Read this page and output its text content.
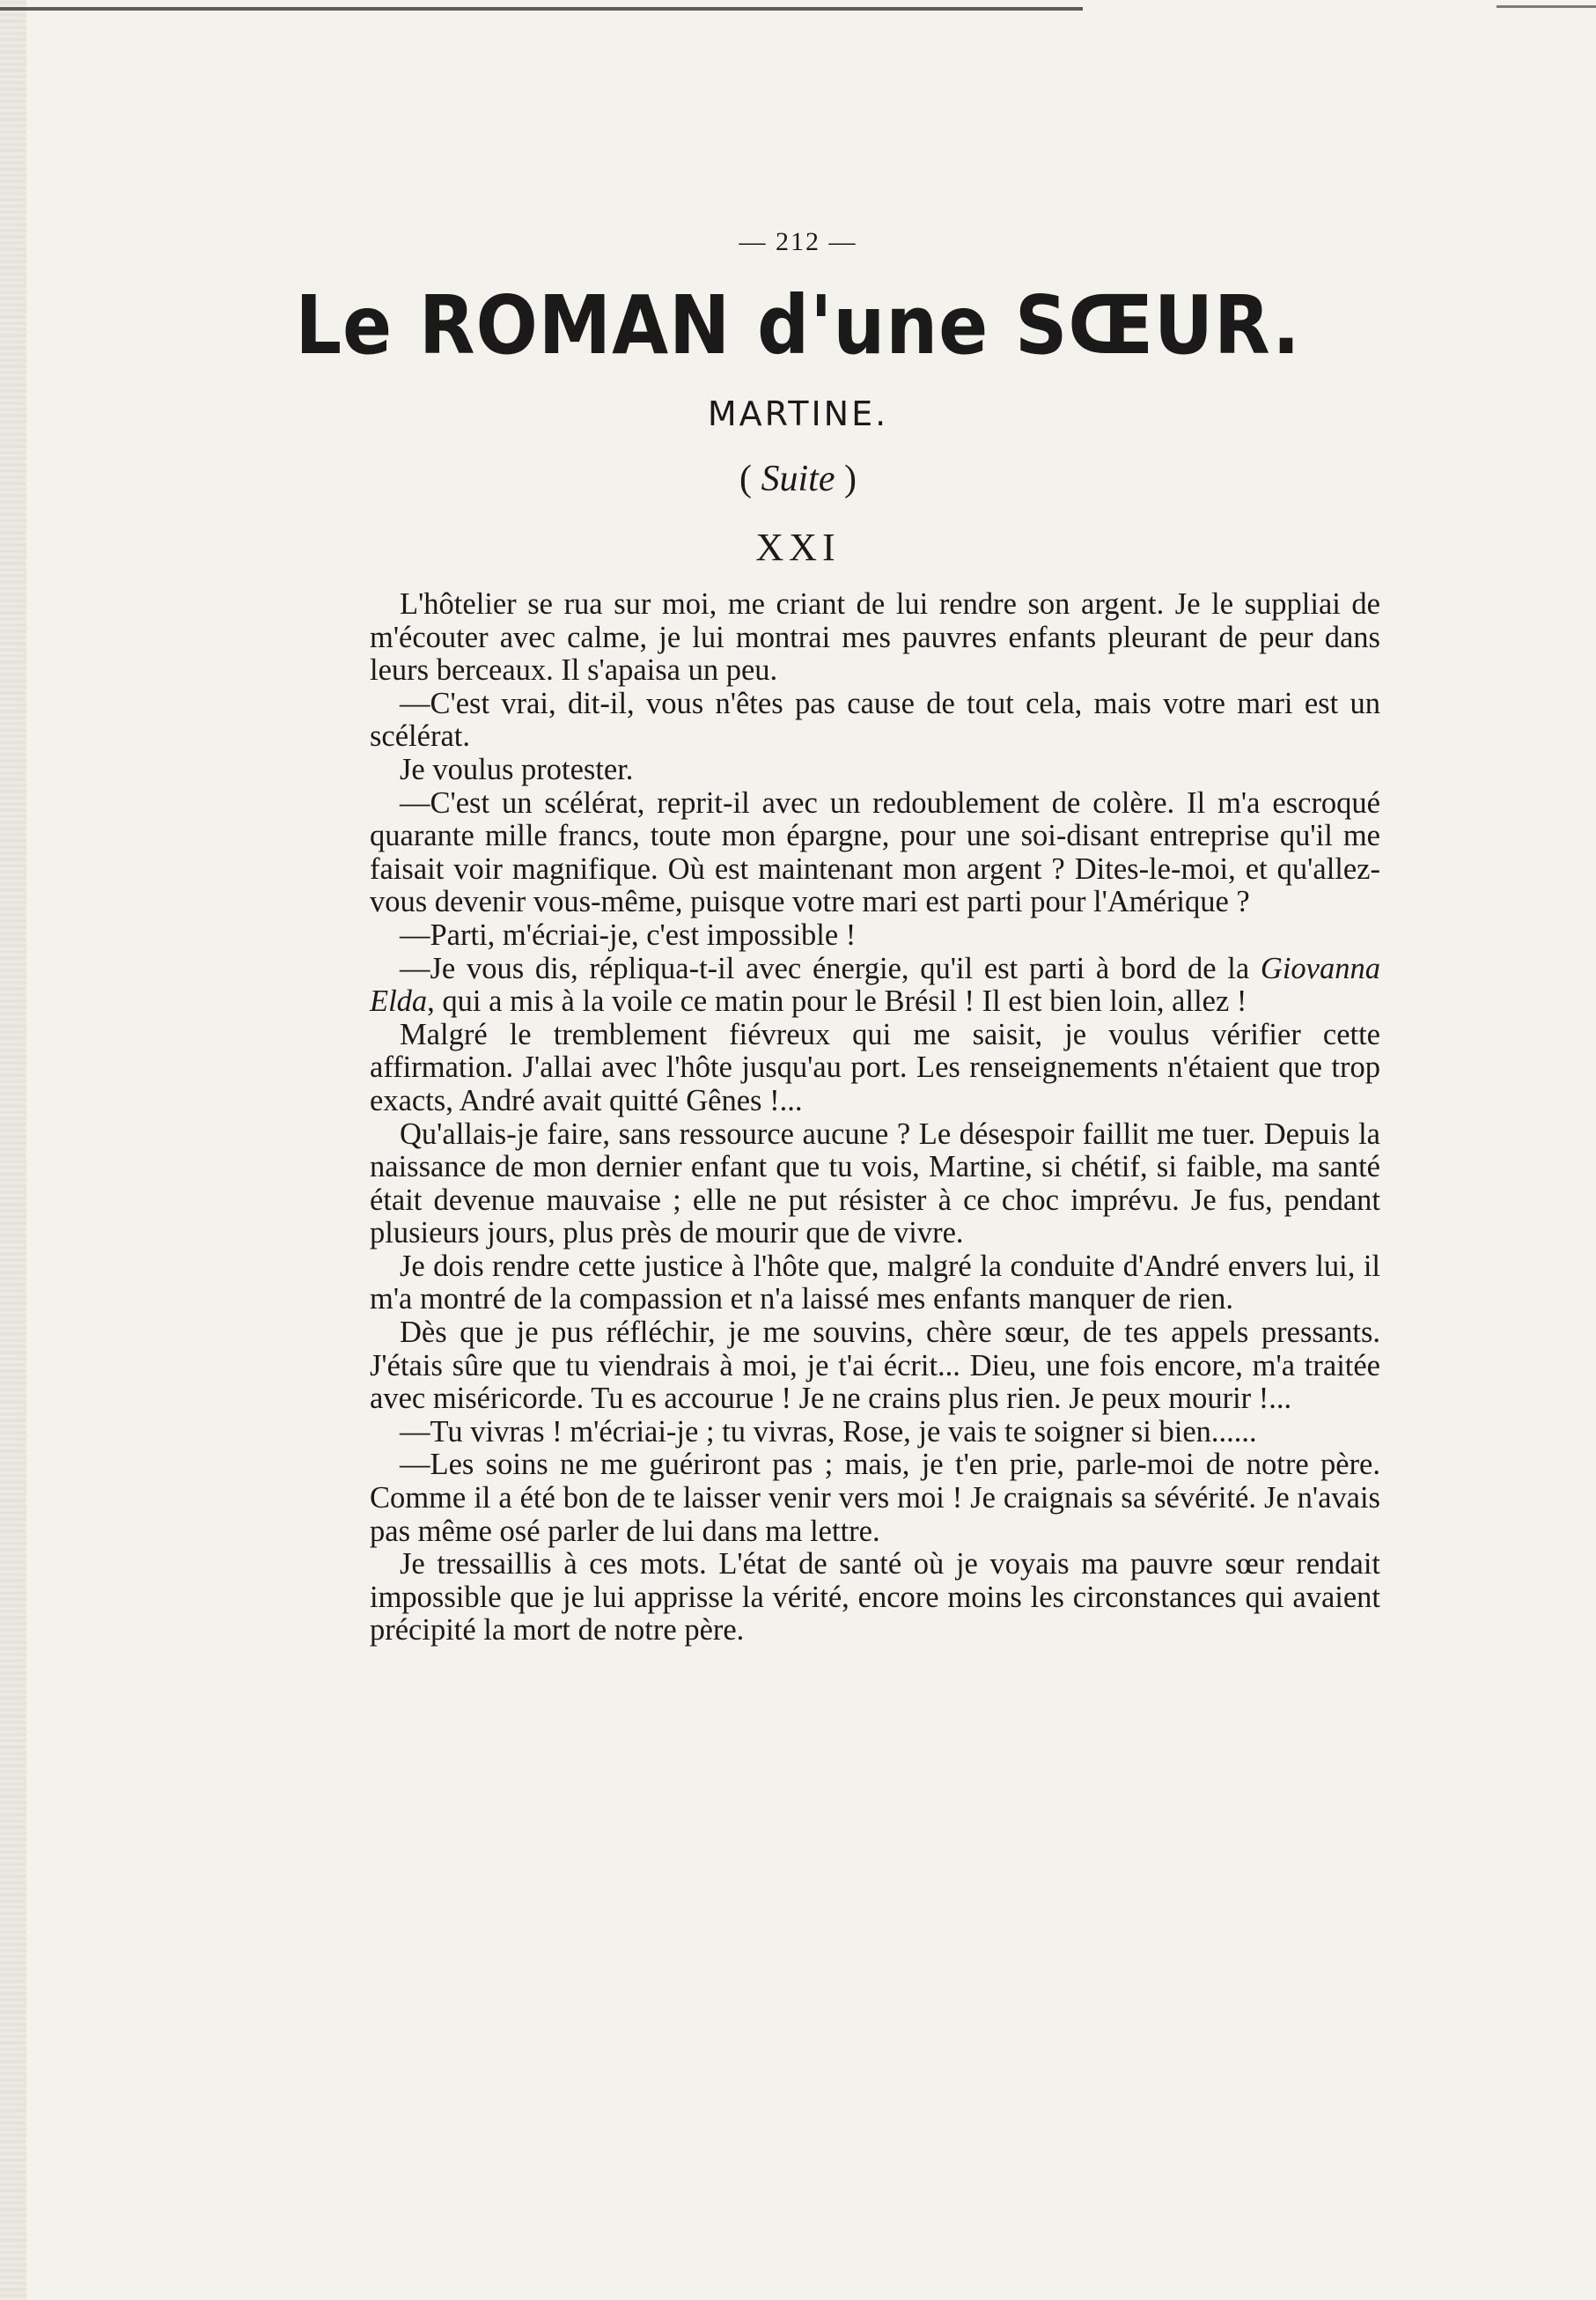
— 212 —
Le ROMAN d'une SŒUR.
MARTINE.
( Suite )
XXI

L'hôtelier se rua sur moi, me criant de lui rendre son argent. Je le suppliai de m'écouter avec calme, je lui montrai mes pauvres enfants pleurant de peur dans leurs berceaux. Il s'apaisa un peu.

—C'est vrai, dit-il, vous n'êtes pas cause de tout cela, mais votre mari est un scélérat.

Je voulus protester.

—C'est un scélérat, reprit-il avec un redoublement de colère. Il m'a escroqué quarante mille francs, toute mon épargne, pour une soi-disant entreprise qu'il me faisait voir magnifique. Où est maintenant mon argent ? Dites-le-moi, et qu'allez-vous devenir vous-même, puisque votre mari est parti pour l'Amérique ?

—Parti, m'écriai-je, c'est impossible !

—Je vous dis, répliqua-t-il avec énergie, qu'il est parti à bord de la Giovanna Elda, qui a mis à la voile ce matin pour le Brésil ! Il est bien loin, allez !

Malgré le tremblement fiévreux qui me saisit, je voulus vérifier cette affirmation. J'allai avec l'hôte jusqu'au port. Les renseignements n'étaient que trop exacts, André avait quitté Gênes !...

Qu'allais-je faire, sans ressource aucune ? Le désespoir faillit me tuer. Depuis la naissance de mon dernier enfant que tu vois, Martine, si chétif, si faible, ma santé était devenue mauvaise ; elle ne put résister à ce choc imprévu. Je fus, pendant plusieurs jours, plus près de mourir que de vivre.

Je dois rendre cette justice à l'hôte que, malgré la conduite d'André envers lui, il m'a montré de la compassion et n'a laissé mes enfants manquer de rien.

Dès que je pus réfléchir, je me souvins, chère sœur, de tes appels pressants. J'étais sûre que tu viendrais à moi, je t'ai écrit... Dieu, une fois encore, m'a traitée avec miséricorde. Tu es accourue ! Je ne crains plus rien. Je peux mourir !...

—Tu vivras ! m'écriai-je ; tu vivras, Rose, je vais te soigner si bien......

—Les soins ne me guériront pas ; mais, je t'en prie, parle-moi de notre père. Comme il a été bon de te laisser venir vers moi ! Je craignais sa sévérité. Je n'avais pas même osé parler de lui dans ma lettre.

Je tressaillis à ces mots. L'état de santé où je voyais ma pauvre sœur rendait impossible que je lui apprisse la vérité, encore moins les circonstances qui avaient précipité la mort de notre père.
